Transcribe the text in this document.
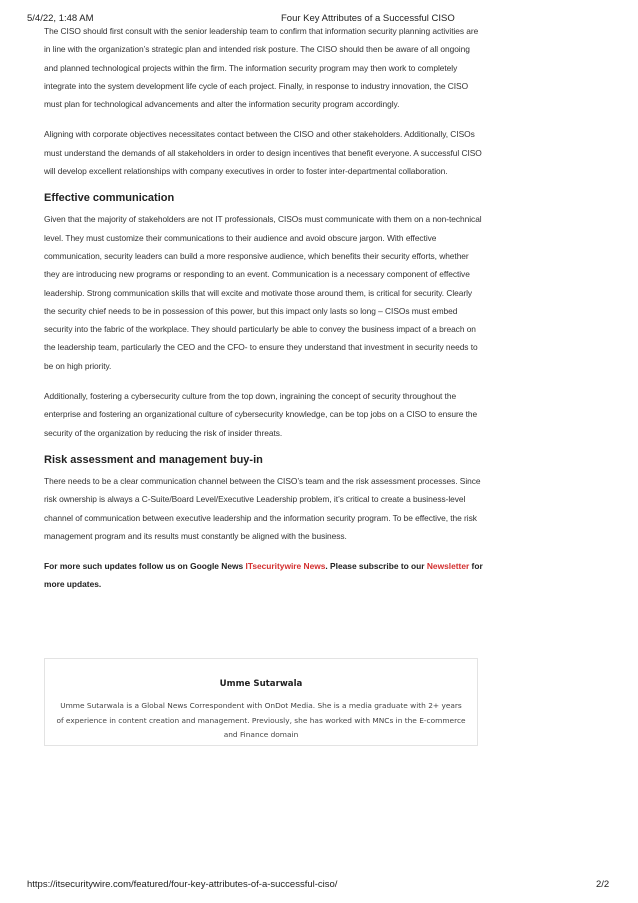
5/4/22, 1:48 AM	Four Key Attributes of a Successful CISO

The CISO should first consult with the senior leadership team to confirm that information security planning activities are in line with the organization’s strategic plan and intended risk posture. The CISO should then be aware of all ongoing and planned technological projects within the firm. The information security program may then work to completely integrate into the system development life cycle of each project. Finally, in response to industry innovation, the CISO must plan for technological advancements and alter the information security program accordingly.

Aligning with corporate objectives necessitates contact between the CISO and other stakeholders. Additionally, CISOs must understand the demands of all stakeholders in order to design incentives that benefit everyone. A successful CISO will develop excellent relationships with company executives in order to foster inter-departmental collaboration.

Effective communication

Given that the majority of stakeholders are not IT professionals, CISOs must communicate with them on a non-technical level. They must customize their communications to their audience and avoid obscure jargon. With effective communication, security leaders can build a more responsive audience, which benefits their security efforts, whether they are introducing new programs or responding to an event. Communication is a necessary component of effective leadership. Strong communication skills that will excite and motivate those around them, is critical for security. Clearly the security chief needs to be in possession of this power, but this impact only lasts so long – CISOs must embed security into the fabric of the workplace. They should particularly be able to convey the business impact of a breach on the leadership team, particularly the CEO and the CFO- to ensure they understand that investment in security needs to be on high priority.

Additionally, fostering a cybersecurity culture from the top down, ingraining the concept of security throughout the enterprise and fostering an organizational culture of cybersecurity knowledge, can be top jobs on a CISO to ensure the security of the organization by reducing the risk of insider threats.

Risk assessment and management buy-in

There needs to be a clear communication channel between the CISO’s team and the risk assessment processes. Since risk ownership is always a C-Suite/Board Level/Executive Leadership problem, it’s critical to create a business-level channel of communication between executive leadership and the information security program. To be effective, the risk management program and its results must constantly be aligned with the business.

For more such updates follow us on Google News ITsecuritywire News. Please subscribe to our Newsletter for more updates.

Umme Sutarwala
Umme Sutarwala is a Global News Correspondent with OnDot Media. She is a media graduate with 2+ years of experience in content creation and management. Previously, she has worked with MNCs in the E-commerce and Finance domain
https://itsecuritywire.com/featured/four-key-attributes-of-a-successful-ciso/	2/2
